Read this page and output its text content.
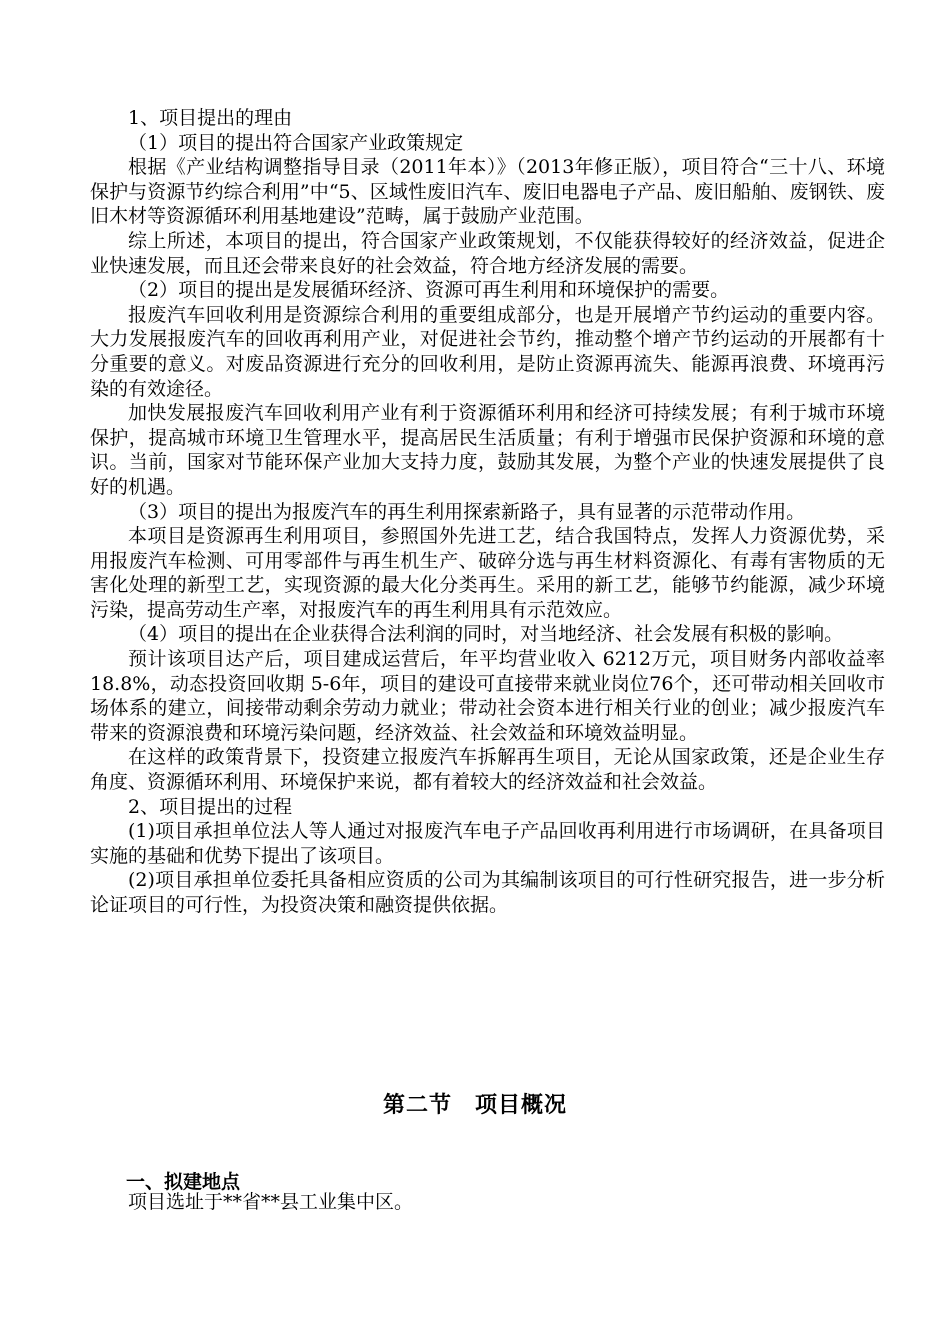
1、项目提出的理由

（1）项目的提出符合国家产业政策规定

根据《产业结构调整指导目录（2011年本）》（2013年修正版），项目符合“三十八、环境保护与资源节约综合利用”中“5、区域性废旧汽车、废旧电器电子产品、废旧船舶、废钢铁、废旧木材等资源循环利用基地建设”范畴，属于鼓励产业范围。

综上所述，本项目的提出，符合国家产业政策规划，不仅能获得较好的经济效益，促进企业快速发展，而且还会带来良好的社会效益，符合地方经济发展的需要。

（2）项目的提出是发展循环经济、资源可再生利用和环境保护的需要。

报废汽车回收利用是资源综合利用的重要组成部分，也是开展增产节约运动的重要内容。大力发展报废汽车的回收再利用产业，对促进社会节约，推动整个增产节约运动的开展都有十分重要的意义。对废品资源进行充分的回收利用，是防止资源再流失、能源再浪费、环境再污染的有效途径。

加快发展报废汽车回收利用产业有利于资源循环利用和经济可持续发展；有利于城市环境保护，提高城市环境卫生管理水平，提高居民生活质量；有利于增强市民保护资源和环境的意识。当前，国家对节能环保产业加大支持力度，鼓励其发展，为整个产业的快速发展提供了良好的机遇。

（3）项目的提出为报废汽车的再生利用探索新路子，具有显著的示范带动作用。

本项目是资源再生利用项目，参照国外先进工艺，结合我国特点，发挥人力资源优势，采用报废汽车检测、可用零部件与再生机生产、破碎分选与再生材料资源化、有毒有害物质的无害化处理的新型工艺，实现资源的最大化分类再生。采用的新工艺，能够节约能源，减少环境污染，提高劳动生产率，对报废汽车的再生利用具有示范效应。

（4）项目的提出在企业获得合法利润的同时，对当地经济、社会发展有积极的影响。

预计该项目达产后，项目建成运营后，年平均营业收入 6212万元，项目财务内部收益率18.8%，动态投资回收期 5-6年，项目的建设可直接带来就业岗位76个，还可带动相关回收市场体系的建立，间接带动剩余劳动力就业；带动社会资本进行相关行业的创业；减少报废汽车带来的资源浪费和环境污染问题，经济效益、社会效益和环境效益明显。

在这样的政策背景下，投资建立报废汽车拆解再生项目，无论从国家政策，还是企业生存角度、资源循环利用、环境保护来说，都有着较大的经济效益和社会效益。

2、项目提出的过程

(1)项目承担单位法人等人通过对报废汽车电子产品回收再利用进行市场调研，在具备项目实施的基础和优势下提出了该项目。

(2)项目承担单位委托具备相应资质的公司为其编制该项目的可行性研究报告，进一步分析论证项目的可行性，为投资决策和融资提供依据。

第二节　项目概况
一、拟建地点
项目选址于**省**县工业集中区。
